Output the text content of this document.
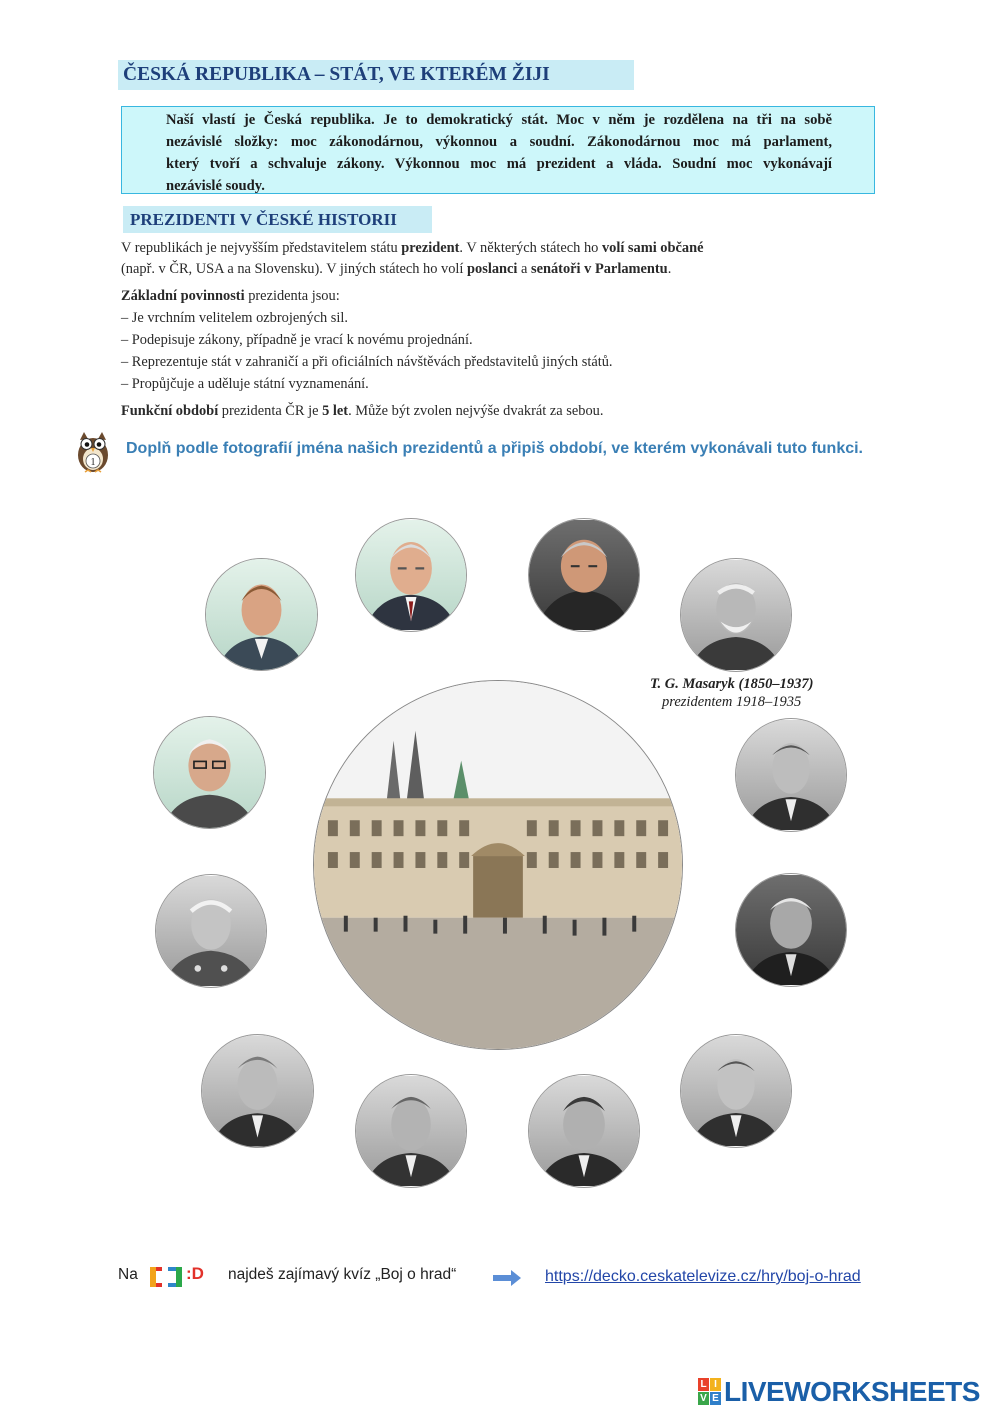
ČESKÁ REPUBLIKA – STÁT, VE KTERÉM ŽIJI
Naší vlastí je Česká republika. Je to demokratický stát. Moc v něm je rozdělena na tři na sobě
nezávislé složky: moc zákonodárnou, výkonnou a soudní. Zákonodárnou moc má parlament,
který tvoří a schvaluje zákony. Výkonnou moc má prezident a vláda. Soudní moc vykonávají
nezávislé soudy.
PREZIDENTI V ČESKÉ HISTORII
V republikách je nejvyšším představitelem státu prezident. V některých státech ho volí sami občané
(např. v ČR, USA a na Slovensku). V jiných státech ho volí poslanci a senátoři v Parlamentu.
Základní povinnosti prezidenta jsou:
– Je vrchním velitelem ozbrojených sil.
– Podepisuje zákony, případně je vrací k novému projednání.
– Reprezentuje stát v zahraničí a při oficiálních návštěvách představitelů jiných států.
– Propůjčuje a uděluje státní vyznamenání.
Funkční období prezidenta ČR je 5 let. Může být zvolen nejvýše dvakrát za sebou.
1
Doplň podle fotografií jména našich prezidentů a připiš období, ve kterém vykonávali tuto funkci.
T. G. Masaryk (1850–1937)
prezidentem 1918–1935
Na	:D najdeš zajímavý kvíz „Boj o hrad“	https://decko.ceskatelevize.cz/hry/boj-o-hrad
L I
V E LIVEWORKSHEETS
